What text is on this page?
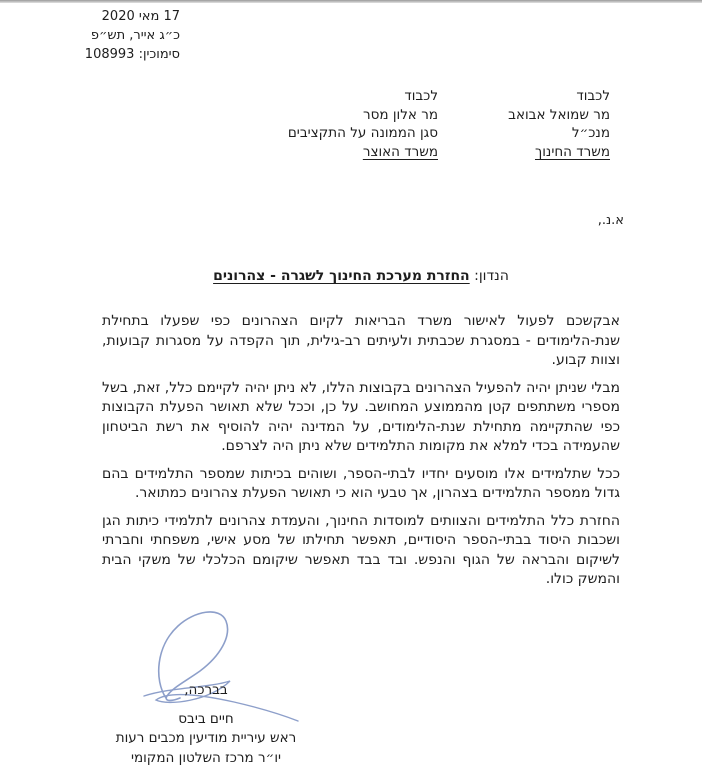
17 מאי 2020
כ״ג אייר, תש״פ
סימוכין: 108993
לכבוד
מר שמואל אבואב
מנכ״ל
משרד החינוך
לכבוד
מר אלון מסר
סגן הממונה על התקציבים
משרד האוצר
א.נ.,
הנדון: החזרת מערכת החינוך לשגרה - צהרונים

אבקשכם לפעול לאישור משרד הבריאות לקיום הצהרונים כפי שפעלו בתחילת שנת-הלימודים - במסגרת שכבתית ולעיתים רב-גילית, תוך הקפדה על מסגרות קבועות, וצוות קבוע.

מבלי שניתן יהיה להפעיל הצהרונים בקבוצות הללו, לא ניתן יהיה לקיימם כלל, זאת, בשל מספרי משתתפים קטן מהממוצע המחושב. על כן, וככל שלא תאושר הפעלת הקבוצות כפי שהתקיימה מתחילת שנת-הלימודים, על המדינה יהיה להוסיף את רשת הביטחון שהעמידה בכדי למלא את מקומות התלמידים שלא ניתן היה לצרפם.

ככל שתלמידים אלו מוסעים יחדיו לבתי-הספר, ושוהים בכיתות שמספר התלמידים בהם גדול ממספר התלמידים בצהרון, אך טבעי הוא כי תאושר הפעלת צהרונים כמתואר.

החזרת כלל התלמידים והצוותים למוסדות החינוך, והעמדת צהרונים לתלמידי כיתות הגן ושכבות היסוד בבתי-הספר היסודיים, תאפשר תחילתו של מסע אישי, משפחתי וחברתי לשיקום והבראה של הגוף והנפש. ובד בבד תאפשר שיקומם הכלכלי של משקי הבית והמשק כולו.

בברכה,
חיים ביבס
ראש עיריית מודיעין מכבים רעות
יו״ר מרכז השלטון המקומי
